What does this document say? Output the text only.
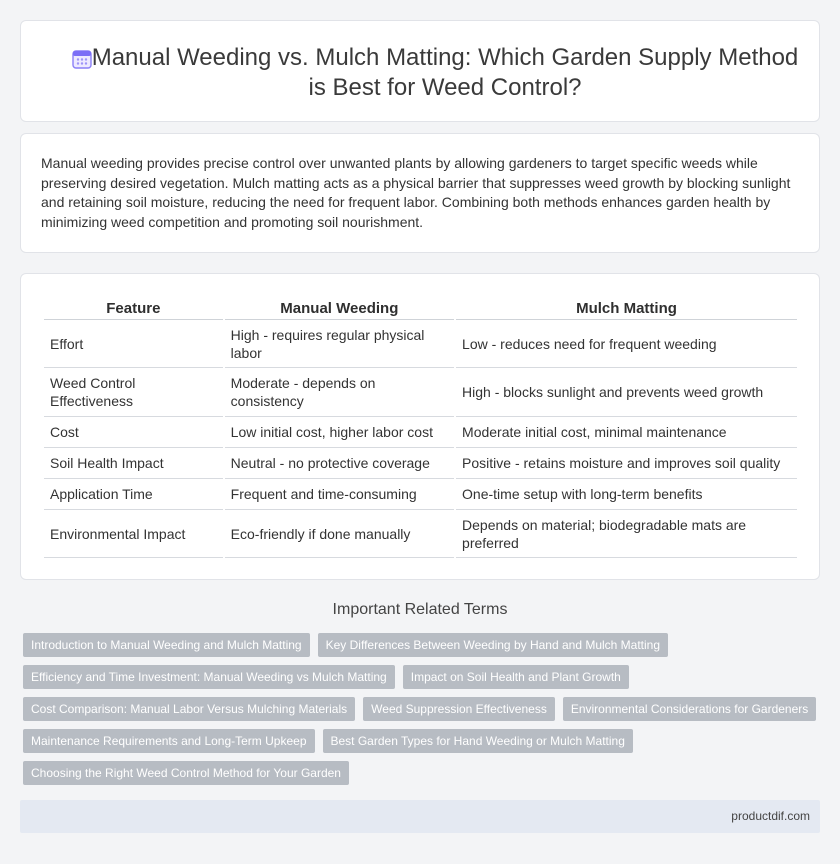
Manual Weeding vs. Mulch Matting: Which Garden Supply Method is Best for Weed Control?

Manual weeding provides precise control over unwanted plants by allowing gardeners to target specific weeds while preserving desired vegetation. Mulch matting acts as a physical barrier that suppresses weed growth by blocking sunlight and retaining soil moisture, reducing the need for frequent labor. Combining both methods enhances garden health by minimizing weed competition and promoting soil nourishment.

Feature	Manual Weeding	Mulch Matting
Effort	High - requires regular physical labor	Low - reduces need for frequent weeding
Weed Control Effectiveness	Moderate - depends on consistency	High - blocks sunlight and prevents weed growth
Cost	Low initial cost, higher labor cost	Moderate initial cost, minimal maintenance
Soil Health Impact	Neutral - no protective coverage	Positive - retains moisture and improves soil quality
Application Time	Frequent and time-consuming	One-time setup with long-term benefits
Environmental Impact	Eco-friendly if done manually	Depends on material; biodegradable mats are preferred
Important Related Terms
Introduction to Manual Weeding and Mulch Matting	Key Differences Between Weeding by Hand and Mulch Matting
Efficiency and Time Investment: Manual Weeding vs Mulch Matting	Impact on Soil Health and Plant Growth
Cost Comparison: Manual Labor Versus Mulching Materials	Weed Suppression Effectiveness	Environmental Considerations for Gardeners
Maintenance Requirements and Long-Term Upkeep	Best Garden Types for Hand Weeding or Mulch Matting
Choosing the Right Weed Control Method for Your Garden
productdif.com
